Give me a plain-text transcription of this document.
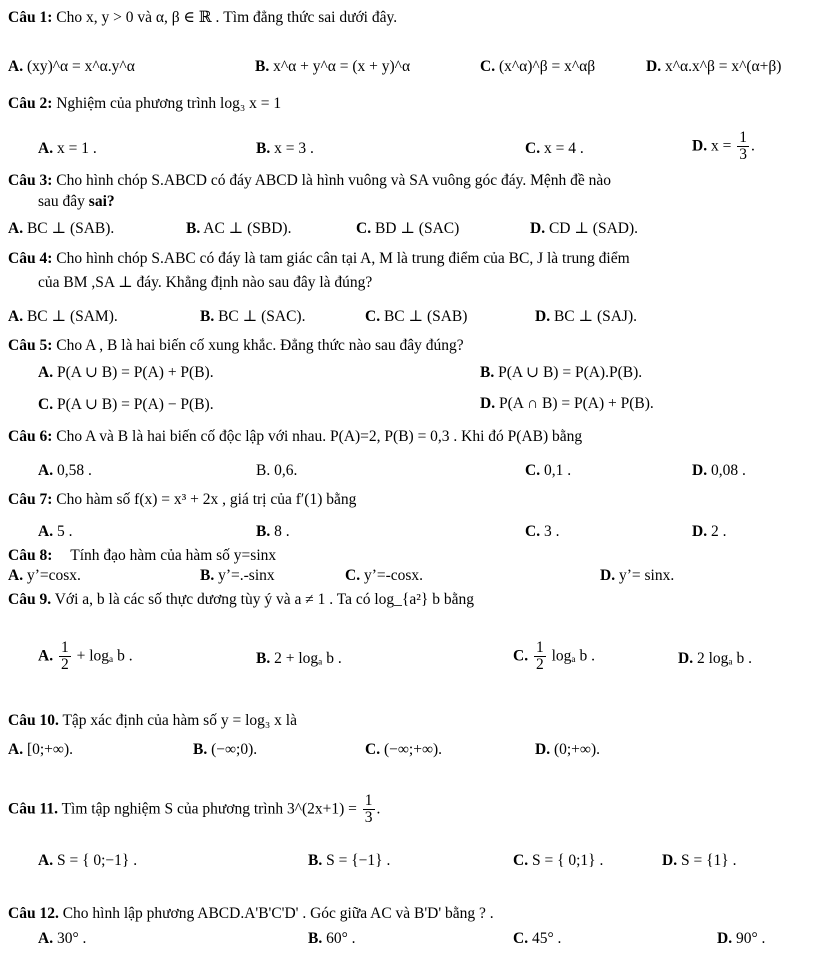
Câu 1: Cho x, y > 0 và α, β ∈ ℝ . Tìm đẳng thức sai dưới đây.
A. (xy)^α = x^α.y^α	B. x^α + y^α = (x + y)^α	C. (x^α)^β = x^αβ	D. x^α.x^β = x^(α+β)
Câu 2: Nghiệm của phương trình log₃ x = 1
A. x = 1 .	B. x = 3 .	C. x = 4 .	D. $x = \frac{1}{3}$ .
Câu 3: Cho hình chóp S.ABCD có đáy ABCD là hình vuông và SA vuông góc đáy. Mệnh đề nào
sau đây sai?
A. BC ⊥ (SAB).	B. AC ⊥ (SBD).	C. BD ⊥ (SAC)	D. CD ⊥ (SAD).
Câu 4: Cho hình chóp S.ABC có đáy là tam giác cân tại A, M là trung điểm của BC, J là trung điểm
của BM ,SA ⊥ đáy. Khẳng định nào sau đây là đúng?
A. BC ⊥ (SAM).	B. BC ⊥ (SAC).	C. BC ⊥ (SAB)	D. BC ⊥ (SAJ).
Câu 5: Cho A , B là hai biến cố xung khắc. Đẳng thức nào sau đây đúng?
A. P(A ∪ B) = P(A) + P(B).	B. P(A ∪ B) = P(A).P(B).
C. P(A ∪ B) = P(A) − P(B).	D. P(A ∩ B) = P(A) + P(B).
Câu 6: Cho A và B là hai biến cố độc lập với nhau. P(A)=2, P(B) = 0,3 . Khi đó P(AB) bằng
A. 0,58 .	B. 0,6.	C. 0,1 .	D. 0,08 .
Câu 7: Cho hàm số f(x) = x³ + 2x , giá trị của f′(1) bằng
A. 5 .	B. 8 .	C. 3 .	D. 2 .
Câu 8: Tính đạo hàm của hàm số y=sinx
A. y’=cosx.	B. y’=.-sinx	C. y’=-cosx.	D. y’= sinx.
Câu 9. Với a, b là các số thực dương tùy ý và a ≠ 1 . Ta có log_{a²} b bằng
A. $\frac{1}{2} + \log_a$ b .	B. 2 + logₐ b .	C. $\frac{1}{2}$ logₐ b .	D. 2 logₐ b .
Câu 10. Tập xác định của hàm số y = log₃ x là
A. [0;+∞).	B. (−∞;0).	C. (−∞;+∞).	D. (0;+∞).
Câu 11. Tìm tập nghiệm S của phương trình 3^(2x+1) = $\frac{1}{3}$ .
A. S = { 0;−1} .	B. S = {−1} .	C. S = { 0;1} .	D. S = {1} .
Câu 12. Cho hình lập phương ABCD.A'B'C'D' . Góc giữa AC và B'D' bằng ? .
A. 30° .	B. 60° .	C. 45° .	D. 90° .
